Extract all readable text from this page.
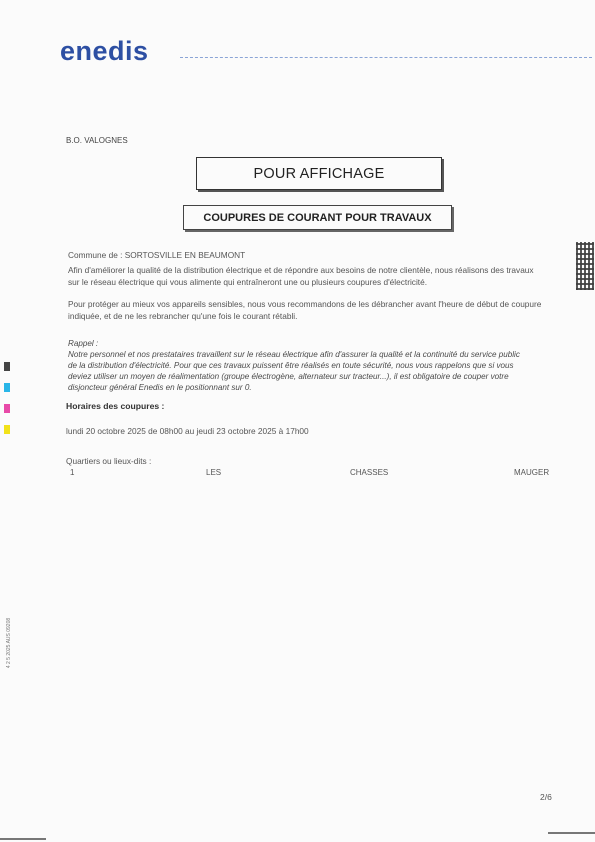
enedis
4 2 5 2025 AUS 09208
B.O. VALOGNES
POUR AFFICHAGE
COUPURES DE COURANT POUR TRAVAUX
Commune de : SORTOSVILLE EN BEAUMONT
Afin d'améliorer la qualité de la distribution électrique et de répondre aux besoins de notre clientèle, nous réalisons des travaux
sur le réseau électrique qui vous alimente qui entraîneront une ou plusieurs coupures d'électricité.
Pour protéger au mieux vos appareils sensibles, nous vous recommandons de les débrancher avant l'heure de début de coupure
indiquée, et de ne les rebrancher qu'une fois le courant rétabli.
Rappel :
Notre personnel et nos prestataires travaillent sur le réseau électrique afin d'assurer la qualité et la continuité du service public
de la distribution d'électricité. Pour que ces travaux puissent être réalisés en toute sécurité, nous vous rappelons que si vous
deviez utiliser un moyen de réalimentation (groupe électrogène, alternateur sur tracteur...), il est obligatoire de couper votre
disjoncteur général Enedis en le positionnant sur 0.
Horaires des coupures :
lundi 20 octobre 2025 de 08h00 au jeudi 23 octobre 2025 à 17h00
Quartiers ou lieux-dits :
1	LES	CHASSES	MAUGER
2/6
